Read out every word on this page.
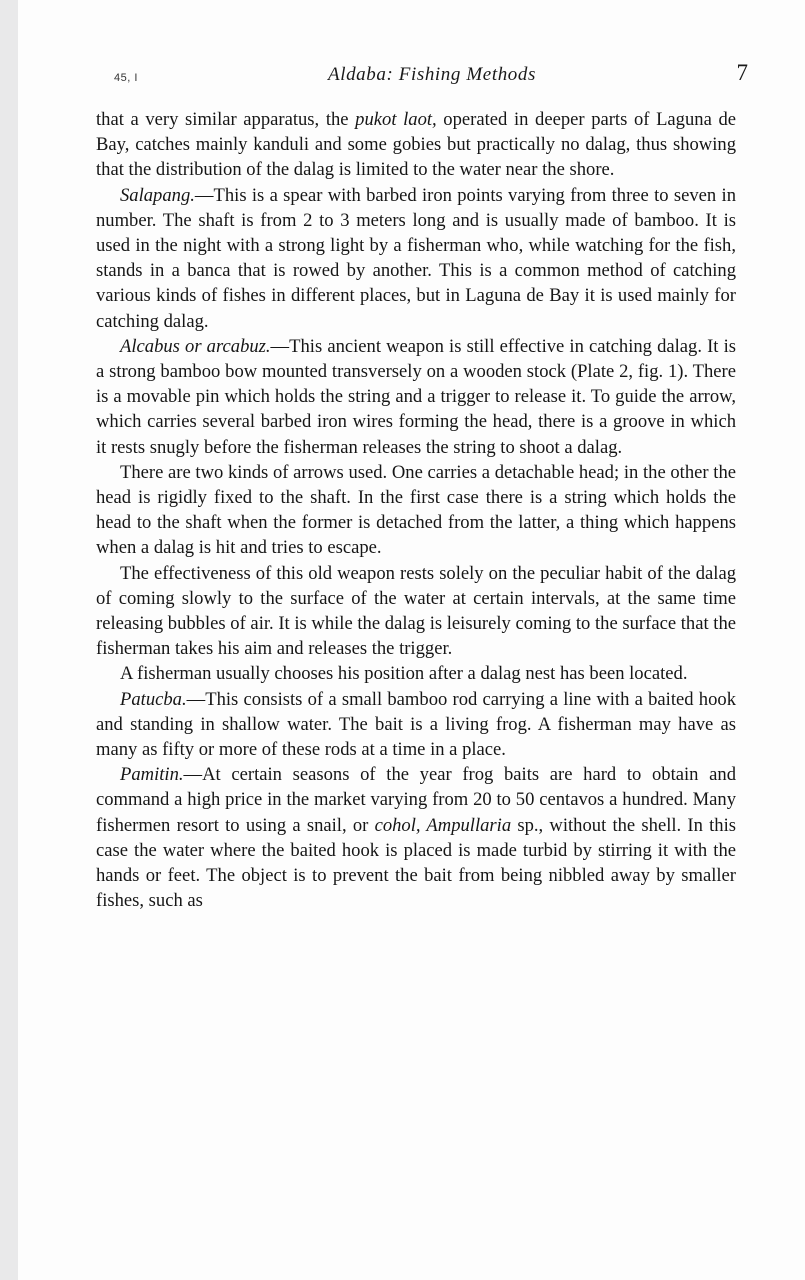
45, I	Aldaba: Fishing Methods	7

that a very similar apparatus, the pukot laot, operated in deeper parts of Laguna de Bay, catches mainly kanduli and some gobies but practically no dalag, thus showing that the distribution of the dalag is limited to the water near the shore.

Salapang.—This is a spear with barbed iron points varying from three to seven in number. The shaft is from 2 to 3 meters long and is usually made of bamboo. It is used in the night with a strong light by a fisherman who, while watching for the fish, stands in a banca that is rowed by another. This is a common method of catching various kinds of fishes in different places, but in Laguna de Bay it is used mainly for catching dalag.

Alcabus or arcabuz.—This ancient weapon is still effective in catching dalag. It is a strong bamboo bow mounted transversely on a wooden stock (Plate 2, fig. 1). There is a movable pin which holds the string and a trigger to release it. To guide the arrow, which carries several barbed iron wires forming the head, there is a groove in which it rests snugly before the fisherman releases the string to shoot a dalag.

There are two kinds of arrows used. One carries a detachable head; in the other the head is rigidly fixed to the shaft. In the first case there is a string which holds the head to the shaft when the former is detached from the latter, a thing which happens when a dalag is hit and tries to escape.

The effectiveness of this old weapon rests solely on the peculiar habit of the dalag of coming slowly to the surface of the water at certain intervals, at the same time releasing bubbles of air. It is while the dalag is leisurely coming to the surface that the fisherman takes his aim and releases the trigger.

A fisherman usually chooses his position after a dalag nest has been located.

Patucba.—This consists of a small bamboo rod carrying a line with a baited hook and standing in shallow water. The bait is a living frog. A fisherman may have as many as fifty or more of these rods at a time in a place.

Pamitin.—At certain seasons of the year frog baits are hard to obtain and command a high price in the market varying from 20 to 50 centavos a hundred. Many fishermen resort to using a snail, or cohol, Ampullaria sp., without the shell. In this case the water where the baited hook is placed is made turbid by stirring it with the hands or feet. The object is to prevent the bait from being nibbled away by smaller fishes, such as
